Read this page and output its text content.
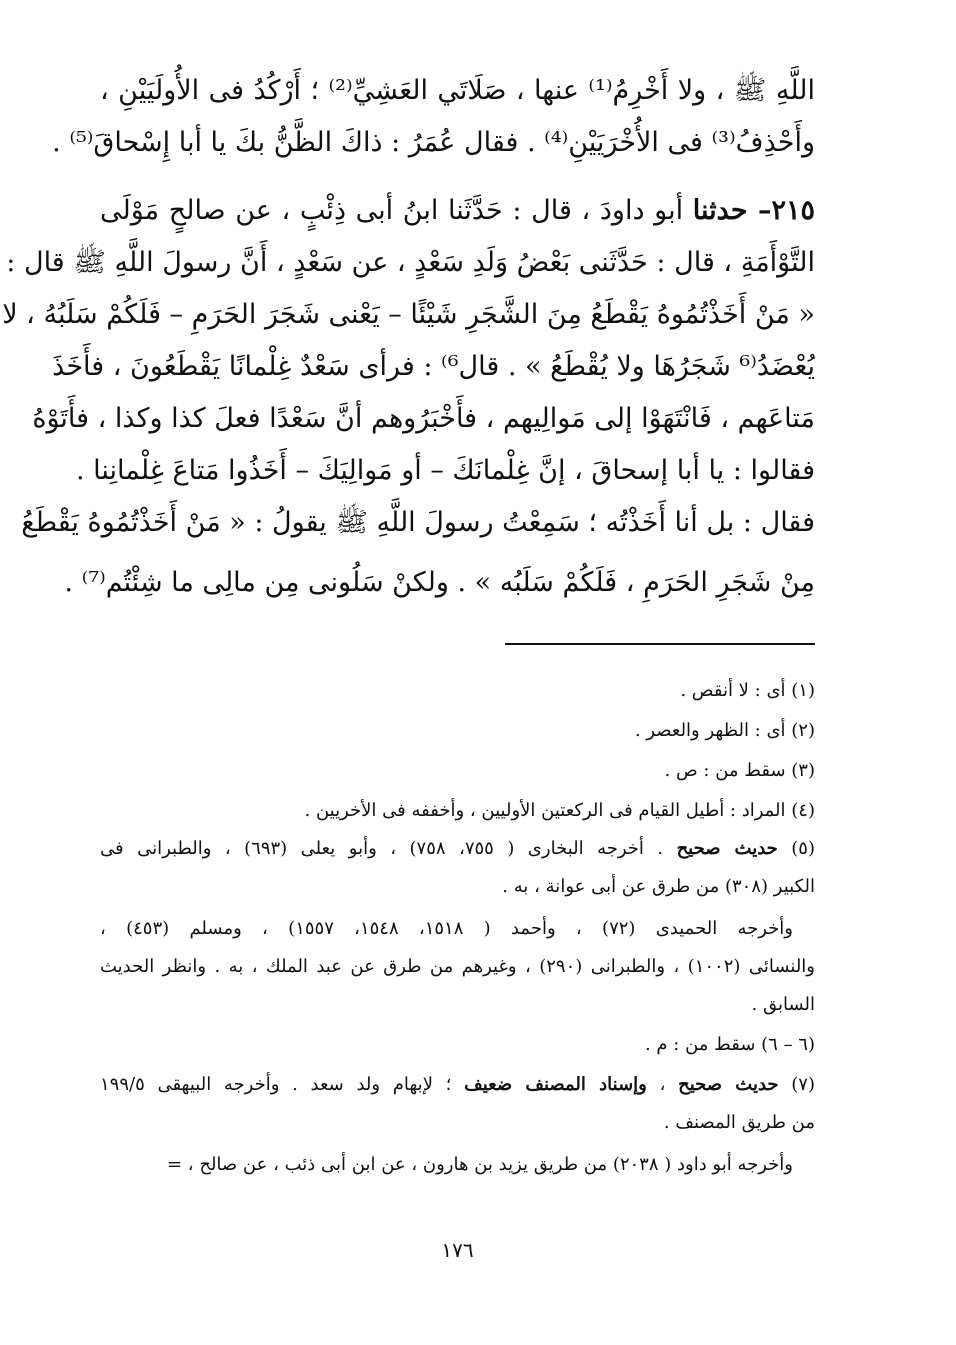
اللَّهِ ﷺ ، ولا أَخْرِمُ⁽¹⁾ عنها ، صَلَاتَي العَشِيِّ⁽²⁾ ؛ أَرْكُدُ فى الأُولَيَيْنِ ،
وأَحْذِفُ⁽³⁾ فى الأُخْرَيَيْنِ⁽⁴⁾ . فقال عُمَرُ : ذاكَ الظَّنُّ بكَ يا أبا إِسْحاقَ⁽⁵⁾ .
٢١٥– حدثنا أبو داودَ ، قال : حَدَّثَنا ابنُ أبى ذِئْبٍ ، عن صالحٍ مَوْلَى
التَّوْأَمَةِ ، قال : حَدَّثَنى بَعْضُ وَلَدِ سَعْدٍ ، عن سَعْدٍ ، أَنَّ رسولَ اللَّهِ ﷺ قال :
« مَنْ أَخَذْتُمُوهُ يَقْطَعُ مِنَ الشَّجَرِ شَيْئًا – يَعْنى شَجَرَ الحَرَمِ – فَلَكُمْ سَلَبُهُ ، لا
يُعْضَدُ⁽⁶ شَجَرُهَا ولا يُقْطَعُ » . قال⁶⁾ : فرأى سَعْدٌ غِلْمانًا يَقْطَعُونَ ، فأَخَذَ
مَتاعَهم ، فَانْتَهَوْا إلى مَوالِيهم ، فأَخْبَرُوهم أنَّ سَعْدًا فعلَ كذا وكذا ، فأَتَوْهُ
فقالوا : يا أبا إسحاقَ ، إنَّ غِلْمانَكَ – أو مَوالِيَكَ – أَخَذُوا مَتاعَ غِلْمانِنا .
فقال : بل أنا أَخَذْتُه ؛ سَمِعْتُ رسولَ اللَّهِ ﷺ يقولُ : « مَنْ أَخَذْتُمُوهُ يَقْطَعُ
مِنْ شَجَرِ الحَرَمِ ، فَلَكُمْ سَلَبُه » . ولكنْ سَلُونى مِن مالِى ما شِئْتُم⁽⁷⁾ .
(١) أى : لا أنقص .
(٢) أى : الظهر والعصر .
(٣) سقط من : ص .
(٤) المراد : أطيل القيام فى الركعتين الأوليين ، وأخففه فى الأخريين .
(٥) حديث صحيح . أخرجه البخارى ( ٧٥٥، ٧٥٨) ، وأبو يعلى (٦٩٣) ، والطبرانى فى
الكبير (٣٠٨) من طرق عن أبى عوانة ، به .
وأخرجه الحميدى (٧٢) ، وأحمد ( ١٥١٨، ١٥٤٨، ١٥٥٧) ، ومسلم (٤٥٣) ،
والنسائى (١٠٠٢) ، والطبرانى (٢٩٠) ، وغيرهم من طرق عن عبد الملك ، به . وانظر الحديث
السابق .
(٦ – ٦) سقط من : م .
(٧) حديث صحيح ، وإسناد المصنف ضعيف ؛ لإبهام ولد سعد . وأخرجه البيهقى ١٩٩/٥
من طريق المصنف .
وأخرجه أبو داود ( ٢٠٣٨) من طريق يزيد بن هارون ، عن ابن أبى ذئب ، عن صالح ، =
١٧٦
